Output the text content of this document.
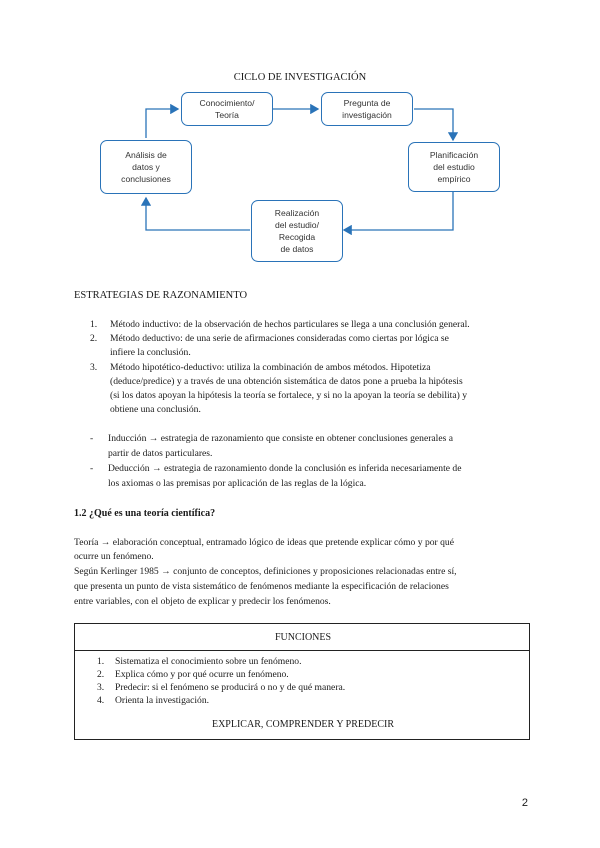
CICLO DE INVESTIGACIÓN
Conocimiento/
Teoría
Pregunta de
investigación
Planificación
del estudio
empírico
Realización
del estudio/
Recogida
de datos
Análisis de
datos y
conclusiones
ESTRATEGIAS DE RAZONAMIENTO
1. Método inductivo: de la observación de hechos particulares se llega a una conclusión general.
2. Método deductivo: de una serie de afirmaciones consideradas como ciertas por lógica se
infiere la conclusión.
3. Método hipotético-deductivo: utiliza la combinación de ambos métodos. Hipotetiza
(deduce/predice) y a través de una obtención sistemática de datos pone a prueba la hipótesis
(si los datos apoyan la hipótesis la teoría se fortalece, y si no la apoyan la teoría se debilita) y
obtiene una conclusión.
- Inducción → estrategia de razonamiento que consiste en obtener conclusiones generales a
partir de datos particulares.
- Deducción → estrategia de razonamiento donde la conclusión es inferida necesariamente de
los axiomas o las premisas por aplicación de las reglas de la lógica.
1.2 ¿Qué es una teoría científica?
Teoría → elaboración conceptual, entramado lógico de ideas que pretende explicar cómo y por qué
ocurre un fenómeno.
Según Kerlinger 1985 → conjunto de conceptos, definiciones y proposiciones relacionadas entre sí,
que presenta un punto de vista sistemático de fenómenos mediante la especificación de relaciones
entre variables, con el objeto de explicar y predecir los fenómenos.
FUNCIONES
1. Sistematiza el conocimiento sobre un fenómeno.
2. Explica cómo y por qué ocurre un fenómeno.
3. Predecir: si el fenómeno se producirá o no y de qué manera.
4. Orienta la investigación.
EXPLICAR, COMPRENDER Y PREDECIR
2
